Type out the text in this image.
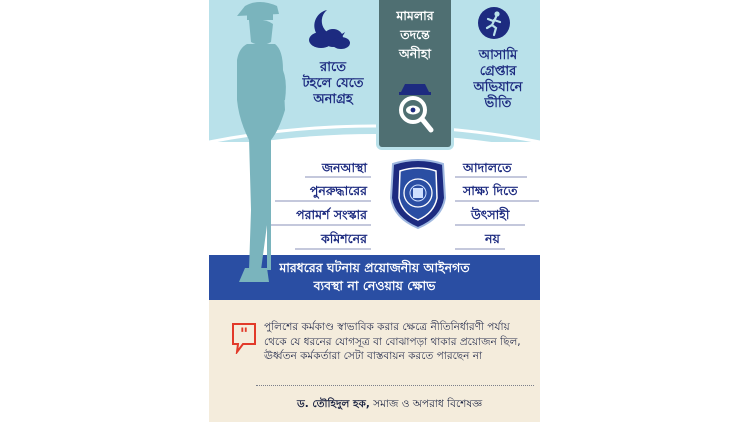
রাতে
টহলে যেতে
অনাগ্রহ
আসামি
গ্রেপ্তার
অভিযানে
ভীতি
মামলার
তদন্তে
অনীহা
জনআস্থা
পুনরুদ্ধারের
পরামর্শ সংস্কার
কমিশনের
আদালতে
সাক্ষ্য দিতে
উৎসাহী
নয়
মারধরের ঘটনায় প্রয়োজনীয় আইনগত
ব্যবস্থা না নেওয়ায় ক্ষোভ
" পুলিশের কর্মকাণ্ড স্বাভাবিক করার ক্ষেত্রে নীতিনির্ধারণী পর্যায় থেকে যে ধরনের যোগসূত্র বা বোঝাপড়া থাকার প্রয়োজন ছিল, ঊর্ধ্বতন কর্মকর্তারা সেটা বাস্তবায়ন করতে পারছেন না
ড. তৌহিদুল হক, সমাজ ও অপরাধ বিশেষজ্ঞ
